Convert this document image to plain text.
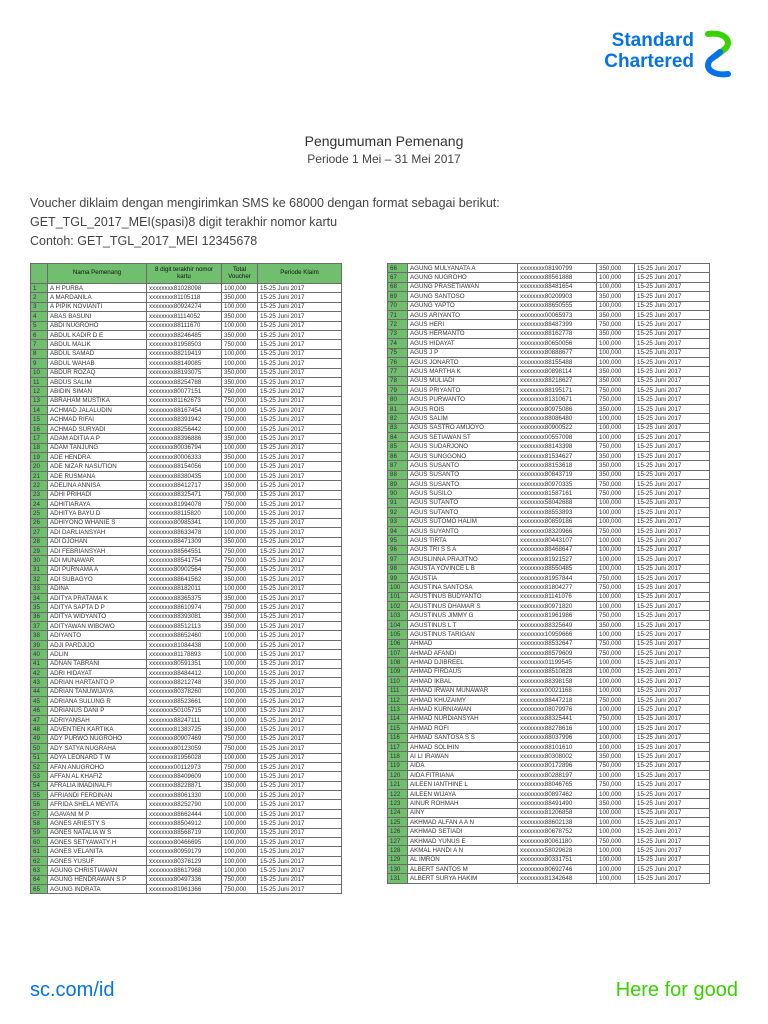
Standard
Chartered
Pengumuman Pemenang
Periode 1 Mei – 31 Mei 2017
Voucher diklaim dengan mengirimkan SMS ke 68000 dengan format sebagai berikut:
GET_TGL_2017_MEI(spasi)8 digit terakhir nomor kartu
Contoh: GET_TGL_2017_MEI 12345678
	Nama Pemenang	8 digit terakhir nomor kartu	Total Voucher	Periode Klaim
1	A H PURBA	xxxxxxxx81028098	100,000	15-25 Juni 2017
2	A MARDANILA	xxxxxxxx81105118	350,000	15-25 Juni 2017
3	A PIPIK NOVIANTI	xxxxxxxx80924274	100,000	15-25 Juni 2017
4	ABAS BASUNI	xxxxxxxx81114052	350,000	15-25 Juni 2017
5	ABDI NUGROHO	xxxxxxxx88111670	100,000	15-25 Juni 2017
6	ABDUL KADIR D E	xxxxxxxx88246485	350,000	15-25 Juni 2017
7	ABDUL MALIK	xxxxxxxx81958503	750,000	15-25 Juni 2017
8	ABDUL SAMAD	xxxxxxxx88219419	100,000	15-25 Juni 2017
9	ABDUL WAHAB	xxxxxxxx88149085	100,000	15-25 Juni 2017
10	ABDUR ROZAQ	xxxxxxxx88193075	350,000	15-25 Juni 2017
11	ABDUS SALIM	xxxxxxxx88254788	350,000	15-25 Juni 2017
12	ABIDIN SIMAN	xxxxxxxx80077151	750,000	15-25 Juni 2017
13	ABRAHAM MUSTIKA	xxxxxxxx81162673	750,000	15-25 Juni 2017
14	ACHMAD JALALUDIN	xxxxxxxx88167454	100,000	15-25 Juni 2017
15	ACHMAD RIFAI	xxxxxxxx88391942	750,000	15-25 Juni 2017
16	ACHMAD SURYADI	xxxxxxxx88256442	100,000	15-25 Juni 2017
17	ADAM ADITIA A P	xxxxxxxx88396886	350,000	15-25 Juni 2017
18	ADAM TANJUNG	xxxxxxxx80036794	100,000	15-25 Juni 2017
19	ADE HENDRA	xxxxxxxx80006333	350,000	15-25 Juni 2017
20	ADE NIZAR NASUTION	xxxxxxxx88154056	100,000	15-25 Juni 2017
21	ADE RUSMANA	xxxxxxxx88380435	100,000	15-25 Juni 2017
22	ADELINA ANNISA	xxxxxxxx88412717	350,000	15-25 Juni 2017
23	ADHI PRIHADI	xxxxxxxx88325471	750,000	15-25 Juni 2017
24	ADHITIARAYA	xxxxxxxx81994078	750,000	15-25 Juni 2017
25	ADHITYA BAYU D	xxxxxxxx88115820	100,000	15-25 Juni 2017
26	ADHIYONO WHANIE S	xxxxxxxx80985341	100,000	15-25 Juni 2017
27	ADI DARLIANSYAH	xxxxxxxx88633478	100,000	15-25 Juni 2017
28	ADI DJOHAN	xxxxxxxx88471309	350,000	15-25 Juni 2017
29	ADI FEBRIANSYAH	xxxxxxxx88564551	750,000	15-25 Juni 2017
30	ADI MUNAWAR	xxxxxxxx88541754	750,000	15-25 Juni 2017
31	ADI PURNAMA A	xxxxxxxx80902564	750,000	15-25 Juni 2017
32	ADI SUBAGYO	xxxxxxxx88641562	350,000	15-25 Juni 2017
33	ADINA	xxxxxxxx88182011	100,000	15-25 Juni 2017
34	ADITYA PRATAMA K	xxxxxxxx88365375	350,000	15-25 Juni 2017
35	ADITYA SAPTA D P	xxxxxxxx88610974	750,000	15-25 Juni 2017
36	ADITYA WIDYANTO	xxxxxxxx88393081	350,000	15-25 Juni 2017
37	ADITYAWAN WIBOWO	xxxxxxxx88512113	350,000	15-25 Juni 2017
38	ADIYANTO	xxxxxxxx88652460	100,000	15-25 Juni 2017
39	ADJI PARDJIJO	xxxxxxxx81084438	100,000	15-25 Juni 2017
40	ADLIN	xxxxxxxx81178893	100,000	15-25 Juni 2017
41	ADNAN TABRANI	xxxxxxxx80591351	100,000	15-25 Juni 2017
42	ADRI HIDAYAT	xxxxxxxx88484412	100,000	15-25 Juni 2017
43	ADRIAN HARTANTO P	xxxxxxxx88212748	350,000	15-25 Juni 2017
44	ADRIAN TANUWIJAYA	xxxxxxxx80378260	100,000	15-25 Juni 2017
45	ADRIANA SULUNG R	xxxxxxxx88523661	100,000	15-25 Juni 2017
46	ADRIANUS DANI P	xxxxxxxx50105715	100,000	15-25 Juni 2017
47	ADRIYANSAH	xxxxxxxx88247111	100,000	15-25 Juni 2017
48	ADVENTIEN KARTIKA	xxxxxxxx81383725	350,000	15-25 Juni 2017
49	ADY PURWO NUGROHO	xxxxxxxx80907469	750,000	15-25 Juni 2017
50	ADY SATYA NUGRAHA	xxxxxxxx80123059	750,000	15-25 Juni 2017
51	ADYA LEONARD T W	xxxxxxxx81956028	100,000	15-25 Juni 2017
52	AFAN ANUGROHO	xxxxxxxx00112973	750,000	15-25 Juni 2017
53	AFFAN AL KHAFIZ	xxxxxxxx88409609	100,000	15-25 Juni 2017
54	AFRALIA IMADINALFI	xxxxxxxx88228871	350,000	15-25 Juni 2017
55	AFRIANDI FERDINAN	xxxxxxxx88061330	100,000	15-25 Juni 2017
56	AFRIDA SHELA MEVITA	xxxxxxxx88252790	100,000	15-25 Juni 2017
57	AGAVANI M P	xxxxxxxx88662444	100,000	15-25 Juni 2017
58	AGNES ARIESTY S	xxxxxxxx88504912	100,000	15-25 Juni 2017
59	AGNES NATALIA W S	xxxxxxxx88568719	100,000	15-25 Juni 2017
60	AGNES SETYAWATY H	xxxxxxxx80466695	100,000	15-25 Juni 2017
61	AGNES VELANITA	xxxxxxxx80959179	100,000	15-25 Juni 2017
62	AGNES YUSUF	xxxxxxxx80376129	100,000	15-25 Juni 2017
63	AGUNG CHRISTIAWAN	xxxxxxxx88617968	100,000	15-25 Juni 2017
64	AGUNG HENDRAWAN S P	xxxxxxxx80497336	750,000	15-25 Juni 2017
65	AGUNG INDRATA	xxxxxxxx81961366	750,000	15-25 Juni 2017
66	AGUNG MULYANATA A	xxxxxxxx08190799	350,000	15-25 Juni 2017
67	AGUNG NUGROHO	xxxxxxxx88561888	100,000	15-25 Juni 2017
68	AGUNG PRASETIAWAN	xxxxxxxx88481654	100,000	15-25 Juni 2017
69	AGUNG SANTOSO	xxxxxxxx80209903	350,000	15-25 Juni 2017
70	AGUNG YAPTO	xxxxxxxx88650555	100,000	15-25 Juni 2017
71	AGUS ARIYANTO	xxxxxxxx00065973	350,000	15-25 Juni 2017
72	AGUS HERI	xxxxxxxx88487399	750,000	15-25 Juni 2017
73	AGUS HERMANTO	xxxxxxxx88162778	350,000	15-25 Juni 2017
74	AGUS HIDAYAT	xxxxxxxx80650056	100,000	15-25 Juni 2017
75	AGUS J P	xxxxxxxx80888677	100,000	15-25 Juni 2017
76	AGUS JONARTO	xxxxxxxx88155488	100,000	15-25 Juni 2017
77	AGUS MARTHA K	xxxxxxxx80898114	350,000	15-25 Juni 2017
78	AGUS MULIADI	xxxxxxxx88218627	350,000	15-25 Juni 2017
79	AGUS PRIYANTO	xxxxxxxx88195171	750,000	15-25 Juni 2017
80	AGUS PURWANTO	xxxxxxxx81310671	750,000	15-25 Juni 2017
81	AGUS ROIS	xxxxxxxx80975086	350,000	15-25 Juni 2017
82	AGUS SALIM	xxxxxxxx88086480	100,000	15-25 Juni 2017
83	AGUS SASTRO AMIJOYO	xxxxxxxx80900522	100,000	15-25 Juni 2017
84	AGUS SETIAWAN ST	xxxxxxxx00557098	100,000	15-25 Juni 2017
85	AGUS SUDARJONO	xxxxxxxx88143398	750,000	15-25 Juni 2017
86	AGUS SUNGGONO	xxxxxxxx81534627	350,000	15-25 Juni 2017
87	AGUS SUSANTO	xxxxxxxx88153618	350,000	15-25 Juni 2017
88	AGUS SUSANTO	xxxxxxxx80843719	350,000	15-25 Juni 2017
89	AGUS SUSANTO	xxxxxxxx80970335	750,000	15-25 Juni 2017
90	AGUS SUSILO	xxxxxxxx81587161	750,000	15-25 Juni 2017
91	AGUS SUTANTO	xxxxxxxx58042688	100,000	15-25 Juni 2017
92	AGUS SUTANTO	xxxxxxxx88553893	100,000	15-25 Juni 2017
93	AGUS SUTOMO HALIM	xxxxxxxx80859186	100,000	15-25 Juni 2017
94	AGUS SUYANTO	xxxxxxxx08320966	750,000	15-25 Juni 2017
95	AGUS TIRTA	xxxxxxxx80443107	100,000	15-25 Juni 2017
96	AGUS TRI S S A	xxxxxxxx88468647	100,000	15-25 Juni 2017
97	AGUSLINNA PRAJITNO	xxxxxxxx81921527	100,000	15-25 Juni 2017
98	AGUSTA YOVINCE L B	xxxxxxxx88550485	100,000	15-25 Juni 2017
99	AGUSTIA	xxxxxxxx81957844	750,000	15-25 Juni 2017
100	AGUSTINA SANTOSA	xxxxxxxx81804277	750,000	15-25 Juni 2017
101	AGUSTINUS BUDYANTO	xxxxxxxx81141076	100,000	15-25 Juni 2017
102	AGUSTINUS DHAMAR S	xxxxxxxx80971820	100,000	15-25 Juni 2017
103	AGUSTINUS JIMMY G	xxxxxxxx81961986	750,000	15-25 Juni 2017
104	AGUSTINUS L T	xxxxxxxx88325649	350,000	15-25 Juni 2017
105	AGUSTINUS TARIGAN	xxxxxxxx10959666	100,000	15-25 Juni 2017
106	AHMAD	xxxxxxxx88532647	750,000	15-25 Juni 2017
107	AHMAD AFANDI	xxxxxxxx88579609	750,000	15-25 Juni 2017
108	AHMAD DJIBREEL	xxxxxxxx01199545	100,000	15-25 Juni 2017
109	AHMAD FIRDAUS	xxxxxxxx88510828	100,000	15-25 Juni 2017
110	AHMAD IKBAL	xxxxxxxx88398158	100,000	15-25 Juni 2017
111	AHMAD IRWAN MUNAWAR	xxxxxxxx00021168	100,000	15-25 Juni 2017
112	AHMAD KHUZAIMY	xxxxxxxx88447218	750,000	15-25 Juni 2017
113	AHMAD KURNIAWAN	xxxxxxxx08079976	100,000	15-25 Juni 2017
114	AHMAD NURDIANSYAH	xxxxxxxx88325441	750,000	15-25 Juni 2017
115	AHMAD ROFI	xxxxxxxx88278616	100,000	15-25 Juni 2017
116	AHMAD SANTOSA S S	xxxxxxxx88037996	100,000	15-25 Juni 2017
117	AHMAD SOLIHIN	xxxxxxxx88101610	100,000	15-25 Juni 2017
118	AI LI IRAWAN	xxxxxxxx80308002	350,000	15-25 Juni 2017
119	AIDA	xxxxxxxx80172896	750,000	15-25 Juni 2017
120	AIDA FITRIANA	xxxxxxxx80288197	100,000	15-25 Juni 2017
121	AILEEN IANTHINE L	xxxxxxxx88046765	750,000	15-25 Juni 2017
122	AILEEN WIJAYA	xxxxxxxx80897462	100,000	15-25 Juni 2017
123	AINUR ROHMAH	xxxxxxxx88491490	350,000	15-25 Juni 2017
124	AINY	xxxxxxxx81206858	100,000	15-25 Juni 2017
125	AKHMAD ALFAN A A N	xxxxxxxx88602138	100,000	15-25 Juni 2017
126	AKHMAD SETIADI	xxxxxxxx80678752	100,000	15-25 Juni 2017
127	AKHMAD YUNUS E	xxxxxxxx80061180	750,000	15-25 Juni 2017
128	AKMAL HANDI A N	xxxxxxxx58029628	100,000	15-25 Juni 2017
129	AL IMRON	xxxxxxxx80331751	100,000	15-25 Juni 2017
130	ALBERT SANTOS M	xxxxxxxx80692746	100,000	15-25 Juni 2017
131	ALBERT SURYA HAKIM	xxxxxxxx81342648	100,000	15-25 Juni 2017
sc.com/id	Here for good
